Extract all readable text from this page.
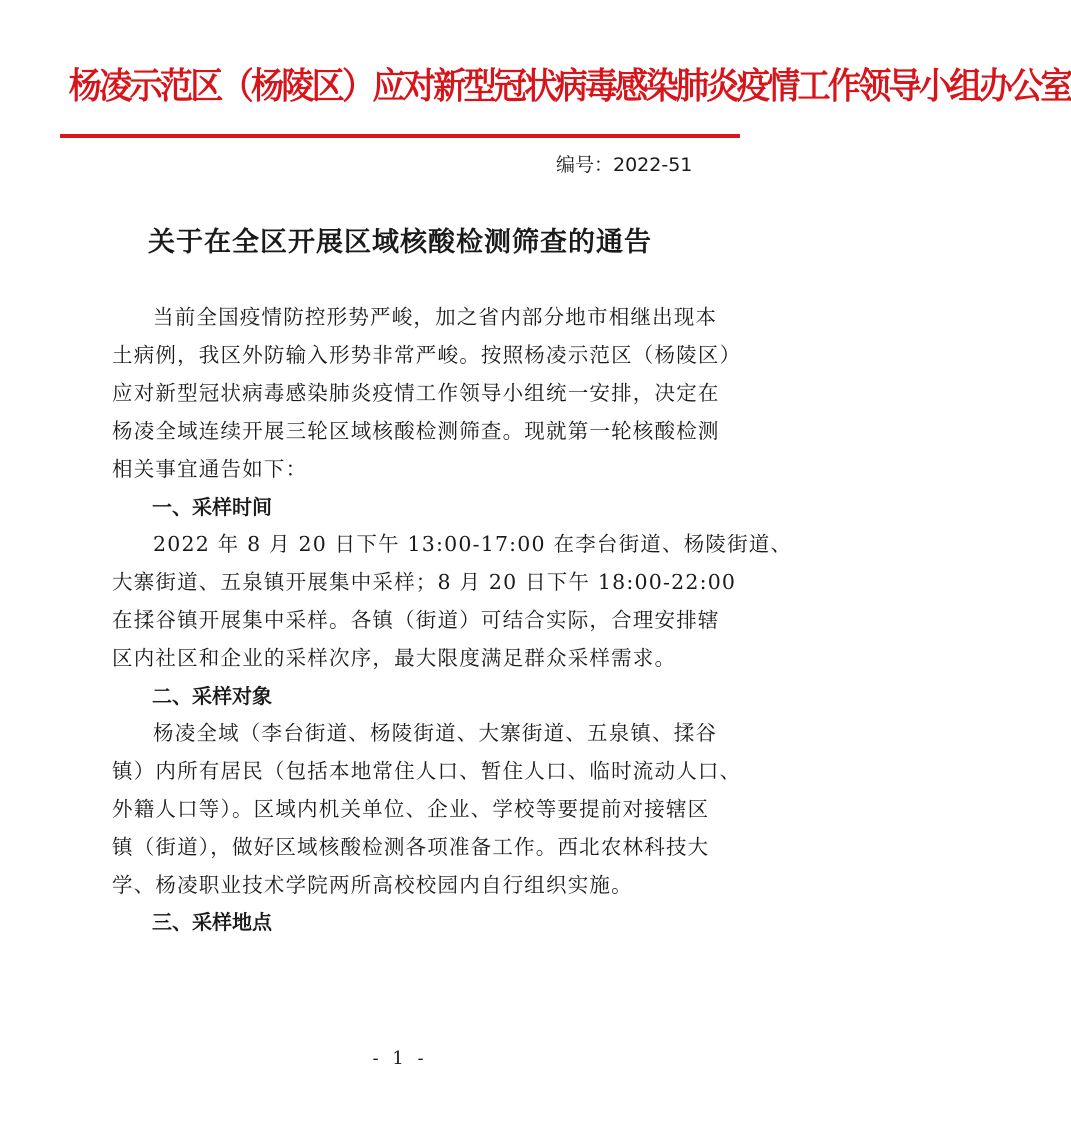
杨凌示范区（杨陵区）应对新型冠状病毒感染肺炎疫情工作领导小组办公室
编号：2022-51
关于在全区开展区域核酸检测筛查的通告
当前全国疫情防控形势严峻，加之省内部分地市相继出现本
土病例，我区外防输入形势非常严峻。按照杨凌示范区（杨陵区）
应对新型冠状病毒感染肺炎疫情工作领导小组统一安排，决定在
杨凌全域连续开展三轮区域核酸检测筛查。现就第一轮核酸检测
相关事宜通告如下：
一、采样时间
2022 年 8 月 20 日下午 13:00-17:00 在李台街道、杨陵街道、
大寨街道、五泉镇开展集中采样；8 月 20 日下午 18:00-22:00
在揉谷镇开展集中采样。各镇（街道）可结合实际，合理安排辖
区内社区和企业的采样次序，最大限度满足群众采样需求。
二、采样对象
杨凌全域（李台街道、杨陵街道、大寨街道、五泉镇、揉谷
镇）内所有居民（包括本地常住人口、暂住人口、临时流动人口、
外籍人口等）。区域内机关单位、企业、学校等要提前对接辖区
镇（街道），做好区域核酸检测各项准备工作。西北农林科技大
学、杨凌职业技术学院两所高校校园内自行组织实施。
三、采样地点
- 1 -
